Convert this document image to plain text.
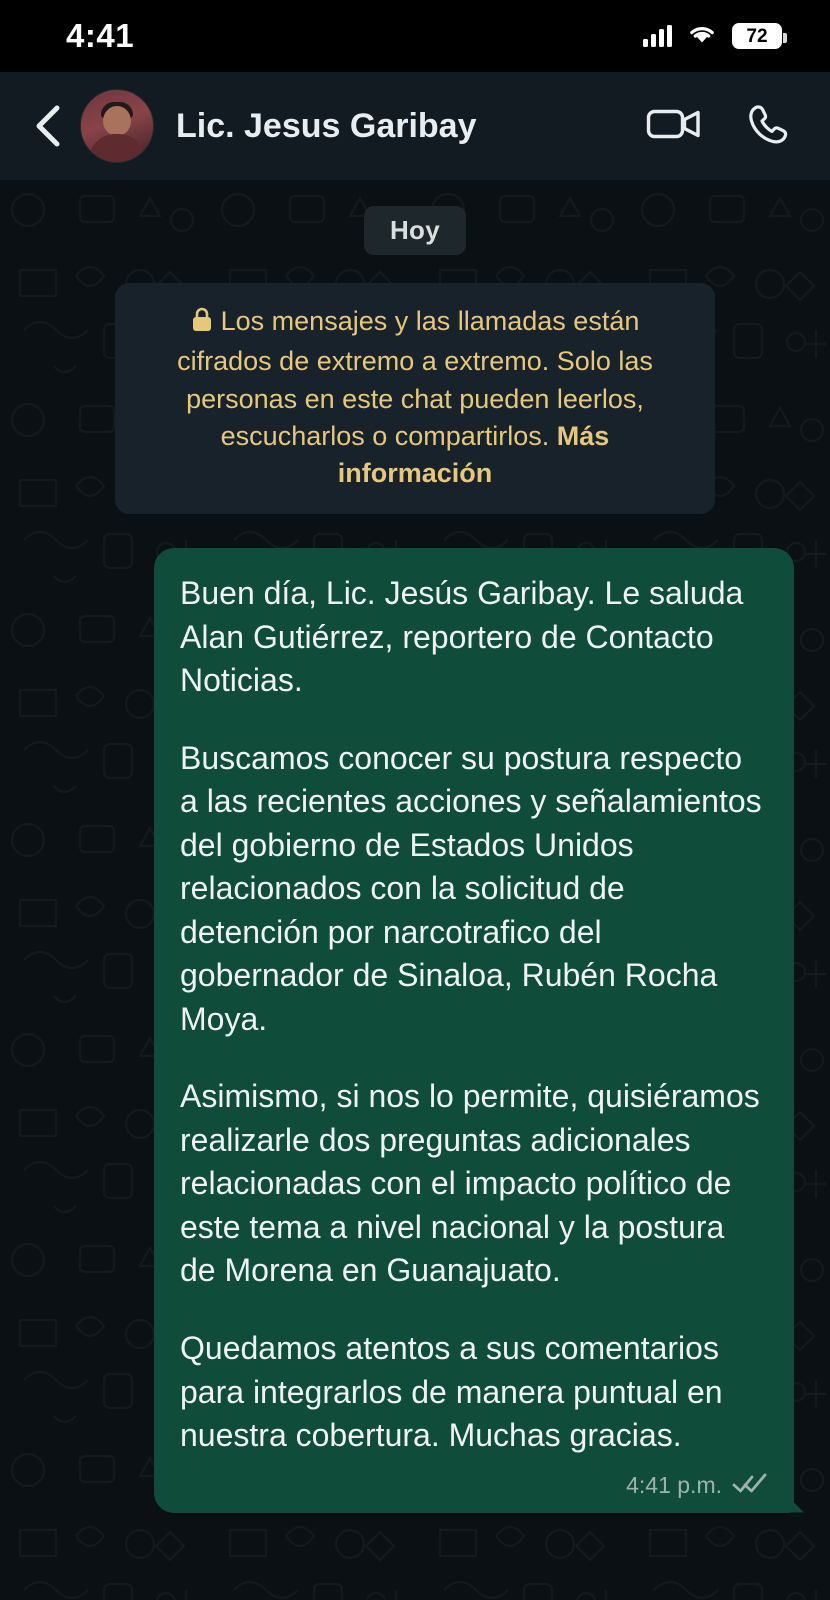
4:41	72
Lic. Jesus Garibay
Hoy
Los mensajes y las llamadas están cifrados de extremo a extremo. Solo las personas en este chat pueden leerlos, escucharlos o compartirlos. Más información

Buen día, Lic. Jesús Garibay. Le saluda Alan Gutiérrez, reportero de Contacto Noticias.

Buscamos conocer su postura respecto a las recientes acciones y señalamientos del gobierno de Estados Unidos relacionados con la solicitud de detención por narcotrafico del gobernador de Sinaloa, Rubén Rocha Moya.

Asimismo, si nos lo permite, quisiéramos realizarle dos preguntas adicionales relacionadas con el impacto político de este tema a nivel nacional y la postura de Morena en Guanajuato.

Quedamos atentos a sus comentarios para integrarlos de manera puntual en nuestra cobertura. Muchas gracias.

4:41 p.m.
